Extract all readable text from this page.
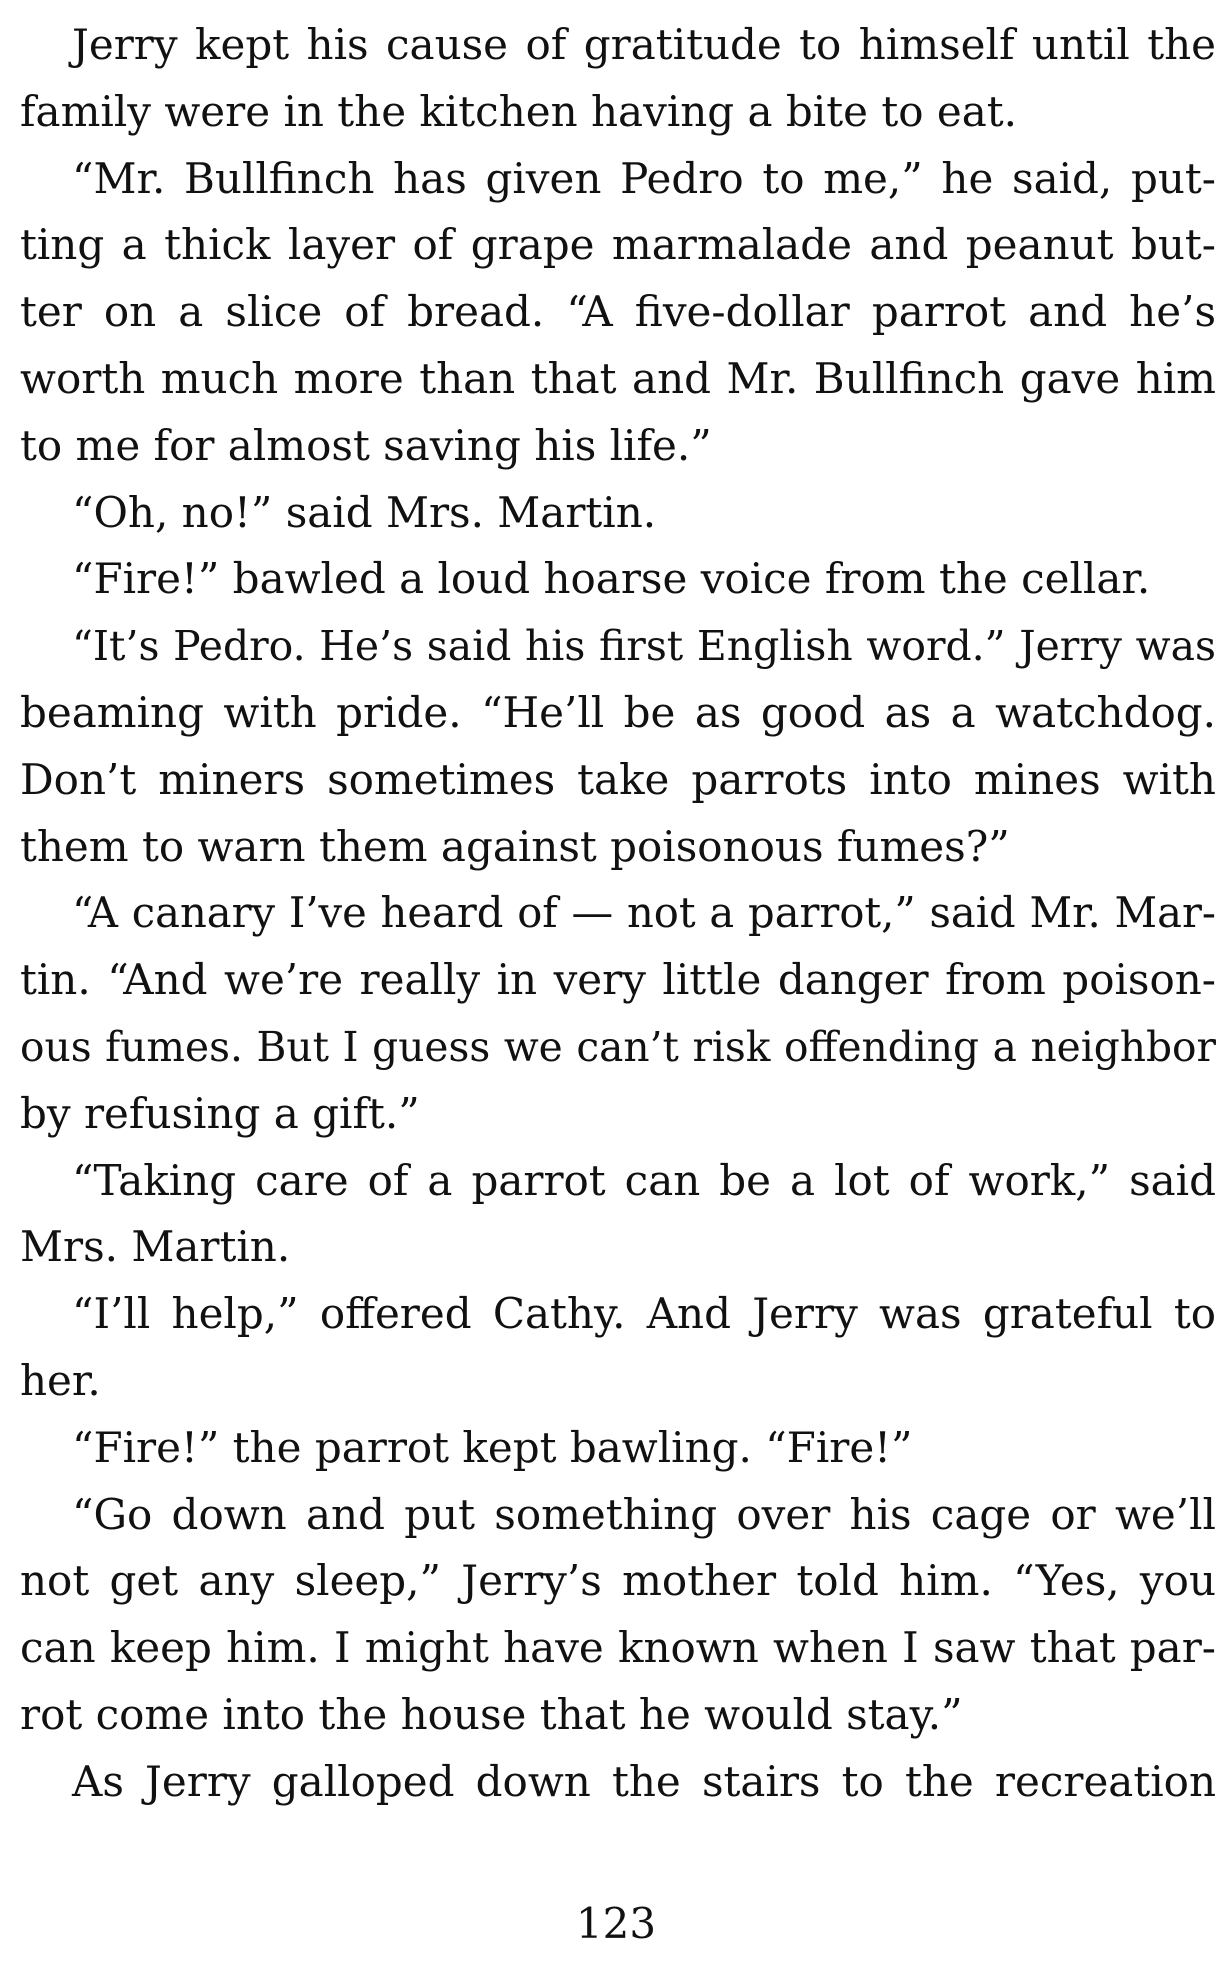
Jerry kept his cause of gratitude to himself until the
family were in the kitchen having a bite to eat.
“Mr. Bullfinch has given Pedro to me,” he said, put-
ting a thick layer of grape marmalade and peanut but-
ter on a slice of bread. “A five-dollar parrot and he’s
worth much more than that and Mr. Bullfinch gave him
to me for almost saving his life.”
“Oh, no!” said Mrs. Martin.
“Fire!” bawled a loud hoarse voice from the cellar.
“It’s Pedro. He’s said his first English word.” Jerry was
beaming with pride. “He’ll be as good as a watchdog.
Don’t miners sometimes take parrots into mines with
them to warn them against poisonous fumes?”
“A canary I’ve heard of — not a parrot,” said Mr. Mar-
tin. “And we’re really in very little danger from poison-
ous fumes. But I guess we can’t risk offending a neighbor
by refusing a gift.”
“Taking care of a parrot can be a lot of work,” said
Mrs. Martin.
“I’ll help,” offered Cathy. And Jerry was grateful to
her.
“Fire!” the parrot kept bawling. “Fire!”
“Go down and put something over his cage or we’ll
not get any sleep,” Jerry’s mother told him. “Yes, you
can keep him. I might have known when I saw that par-
rot come into the house that he would stay.”
As Jerry galloped down the stairs to the recreation
123
